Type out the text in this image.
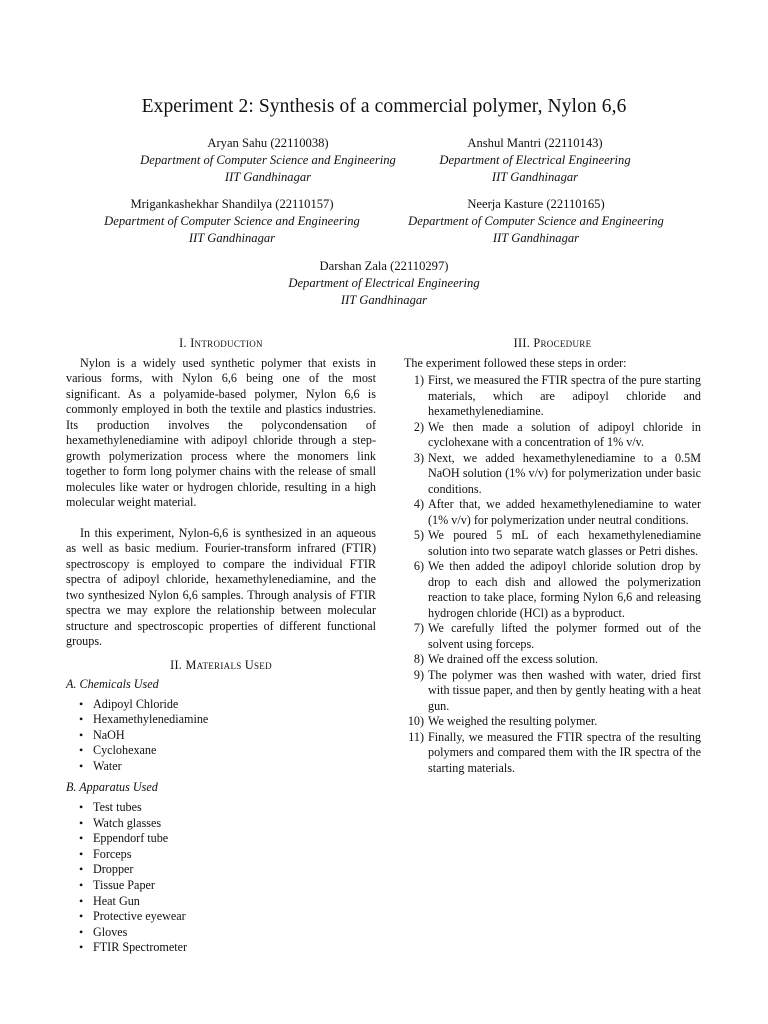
Experiment 2: Synthesis of a commercial polymer, Nylon 6,6
Aryan Sahu (22110038)
Department of Computer Science and Engineering
IIT Gandhinagar
Anshul Mantri (22110143)
Department of Electrical Engineering
IIT Gandhinagar
Mrigankashekhar Shandilya (22110157)
Department of Computer Science and Engineering
IIT Gandhinagar
Neerja Kasture (22110165)
Department of Computer Science and Engineering
IIT Gandhinagar
Darshan Zala (22110297)
Department of Electrical Engineering
IIT Gandhinagar
I. Introduction

Nylon is a widely used synthetic polymer that exists in various forms, with Nylon 6,6 being one of the most significant. As a polyamide-based polymer, Nylon 6,6 is commonly employed in both the textile and plastics industries. Its production involves the polycondensation of hexamethylenediamine with adipoyl chloride through a step-growth polymerization process where the monomers link together to form long polymer chains with the release of small molecules like water or hydrogen chloride, resulting in a high molecular weight material.

In this experiment, Nylon-6,6 is synthesized in an aqueous as well as basic medium. Fourier-transform infrared (FTIR) spectroscopy is employed to compare the individual FTIR spectra of adipoyl chloride, hexamethylenediamine, and the two synthesized Nylon 6,6 samples. Through analysis of FTIR spectra we may explore the relationship between molecular structure and spectroscopic properties of different functional groups.

II. Materials Used
A. Chemicals Used
• Adipoyl Chloride
• Hexamethylenediamine
• NaOH
• Cyclohexane
• Water
B. Apparatus Used
• Test tubes
• Watch glasses
• Eppendorf tube
• Forceps
• Dropper
• Tissue Paper
• Heat Gun
• Protective eyewear
• Gloves
• FTIR Spectrometer
III. Procedure
The experiment followed these steps in order:
1) First, we measured the FTIR spectra of the pure starting materials, which are adipoyl chloride and hexamethylenediamine.
2) We then made a solution of adipoyl chloride in cyclohexane with a concentration of 1% v/v.
3) Next, we added hexamethylenediamine to a 0.5M NaOH solution (1% v/v) for polymerization under basic conditions.
4) After that, we added hexamethylenediamine to water (1% v/v) for polymerization under neutral conditions.
5) We poured 5 mL of each hexamethylenediamine solution into two separate watch glasses or Petri dishes.
6) We then added the adipoyl chloride solution drop by drop to each dish and allowed the polymerization reaction to take place, forming Nylon 6,6 and releasing hydrogen chloride (HCl) as a byproduct.
7) We carefully lifted the polymer formed out of the solvent using forceps.
8) We drained off the excess solution.
9) The polymer was then washed with water, dried first with tissue paper, and then by gently heating with a heat gun.
10) We weighed the resulting polymer.
11) Finally, we measured the FTIR spectra of the resulting polymers and compared them with the IR spectra of the starting materials.
